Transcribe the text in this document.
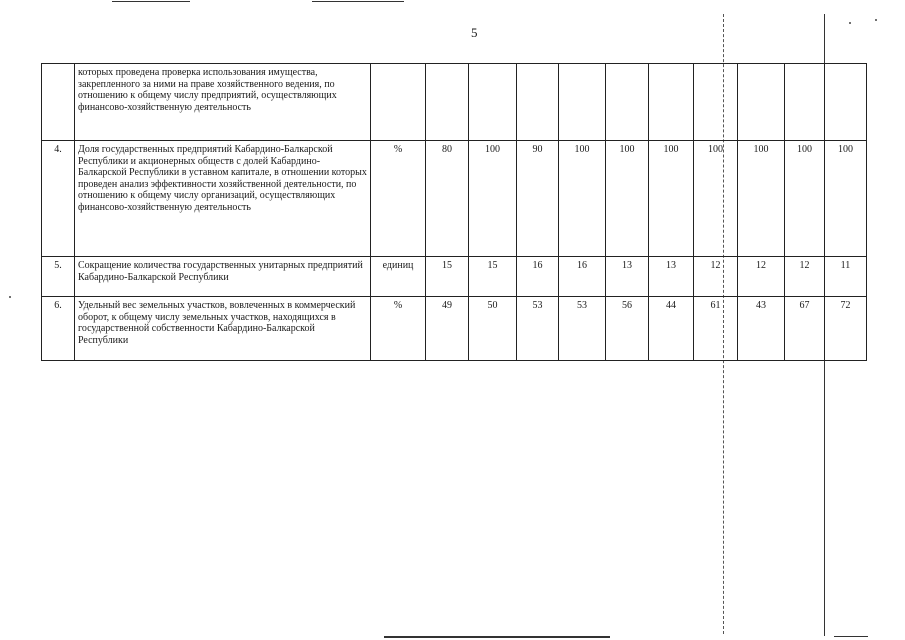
5
	которых проведена проверка использования имущества, закрепленного за ними на праве хозяйственного ведения, по отношению к общему числу предприятий, осуществляющих финансово-хозяйственную деятельность											
4.	Доля государственных предприятий Кабардино-Балкарской Республики и акционерных обществ с долей Кабардино-Балкарской Республики в уставном капитале, в отношении которых проведен анализ эффективности хозяйственной деятельности, по отношению к общему числу организаций, осуществляющих финансово-хозяйственную деятельность	%	80	100	90	100	100	100	100	100	100	100
5.	Сокращение количества государственных унитарных предприятий Кабардино-Балкарской Республики	единиц	15	15	16	16	13	13	12	12	12	11
6.	Удельный вес земельных участков, вовлеченных в коммерческий оборот, к общему числу земельных участков, находящихся в государственной собственности Кабардино-Балкарской Республики	%	49	50	53	53	56	44	61	43	67	72
